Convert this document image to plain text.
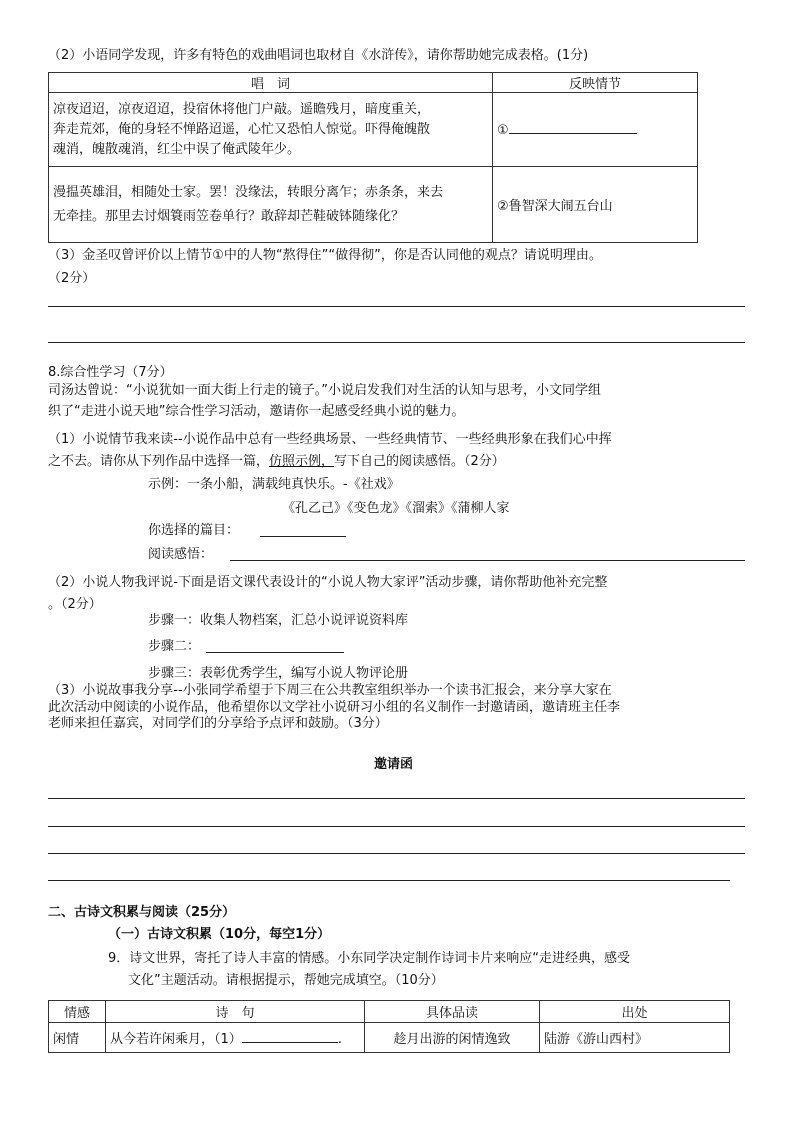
（2）小语同学发现，许多有特色的戏曲唱词也取材自《水浒传》，请你帮助她完成表格。(1分)
唱　词	反映情节

凉夜迢迢，凉夜迢迢，投宿休将他门户敲。遥瞻残月，暗度重关，
奔走荒郊，俺的身轻不惮路迢遥，心忙又恐怕人惊觉。吓得俺魄散
魂消，魄散魂消，红尘中误了俺武陵年少。	①

漫揾英雄泪，相随处士家。罢！没缘法，转眼分离乍；赤条条，来去
无牵挂。那里去讨烟簑雨笠卷单行？敢辞却芒鞋破钵随缘化？	②鲁智深大闹五台山
（3）金圣叹曾评价以上情节①中的人物“熬得住”“做得彻”，你是否认同他的观点？请说明理由。
（2分）
8.综合性学习（7分）
司汤达曾说：“小说犹如一面大街上行走的镜子。”小说启发我们对生活的认知与思考，小文同学组
织了“走进小说天地”综合性学习活动，邀请你一起感受经典小说的魅力。
（1）小说情节我来读--小说作品中总有一些经典场景、一些经典情节、一些经典形象在我们心中挥
之不去。请你从下列作品中选择一篇，仿照示例，写下自己的阅读感悟。（2分）
示例：一条小船，满载纯真快乐。-《社戏》
《孔乙己》《变色龙》《溜索》《蒲柳人家
你选择的篇目：
阅读感悟：
（2）小说人物我评说-下面是语文课代表设计的“小说人物大家评”活动步骤，请你帮助他补充完整
。（2分）
步骤一：收集人物档案，汇总小说评说资料库
步骤二：
步骤三：表彰优秀学生，编写小说人物评论册
（3）小说故事我分享--小张同学希望于下周三在公共教室组织举办一个读书汇报会，来分享大家在
此次活动中阅读的小说作品，他希望你以文学社小说研习小组的名义制作一封邀请函，邀请班主任李
老师来担任嘉宾，对同学们的分享给予点评和鼓励。（3分）
邀请函
二、古诗文积累与阅读（25分）
（一）古诗文积累（10分，每空1分）
9．诗文世界，寄托了诗人丰富的情感。小东同学决定制作诗词卡片来响应“走进经典，感受
文化”主题活动。请根据提示，帮她完成填空。（10分）
情感	诗　句	具体品读	出处
闲情	从今若许闲乘月，（1） .	趁月出游的闲情逸致	陆游《游山西村》
